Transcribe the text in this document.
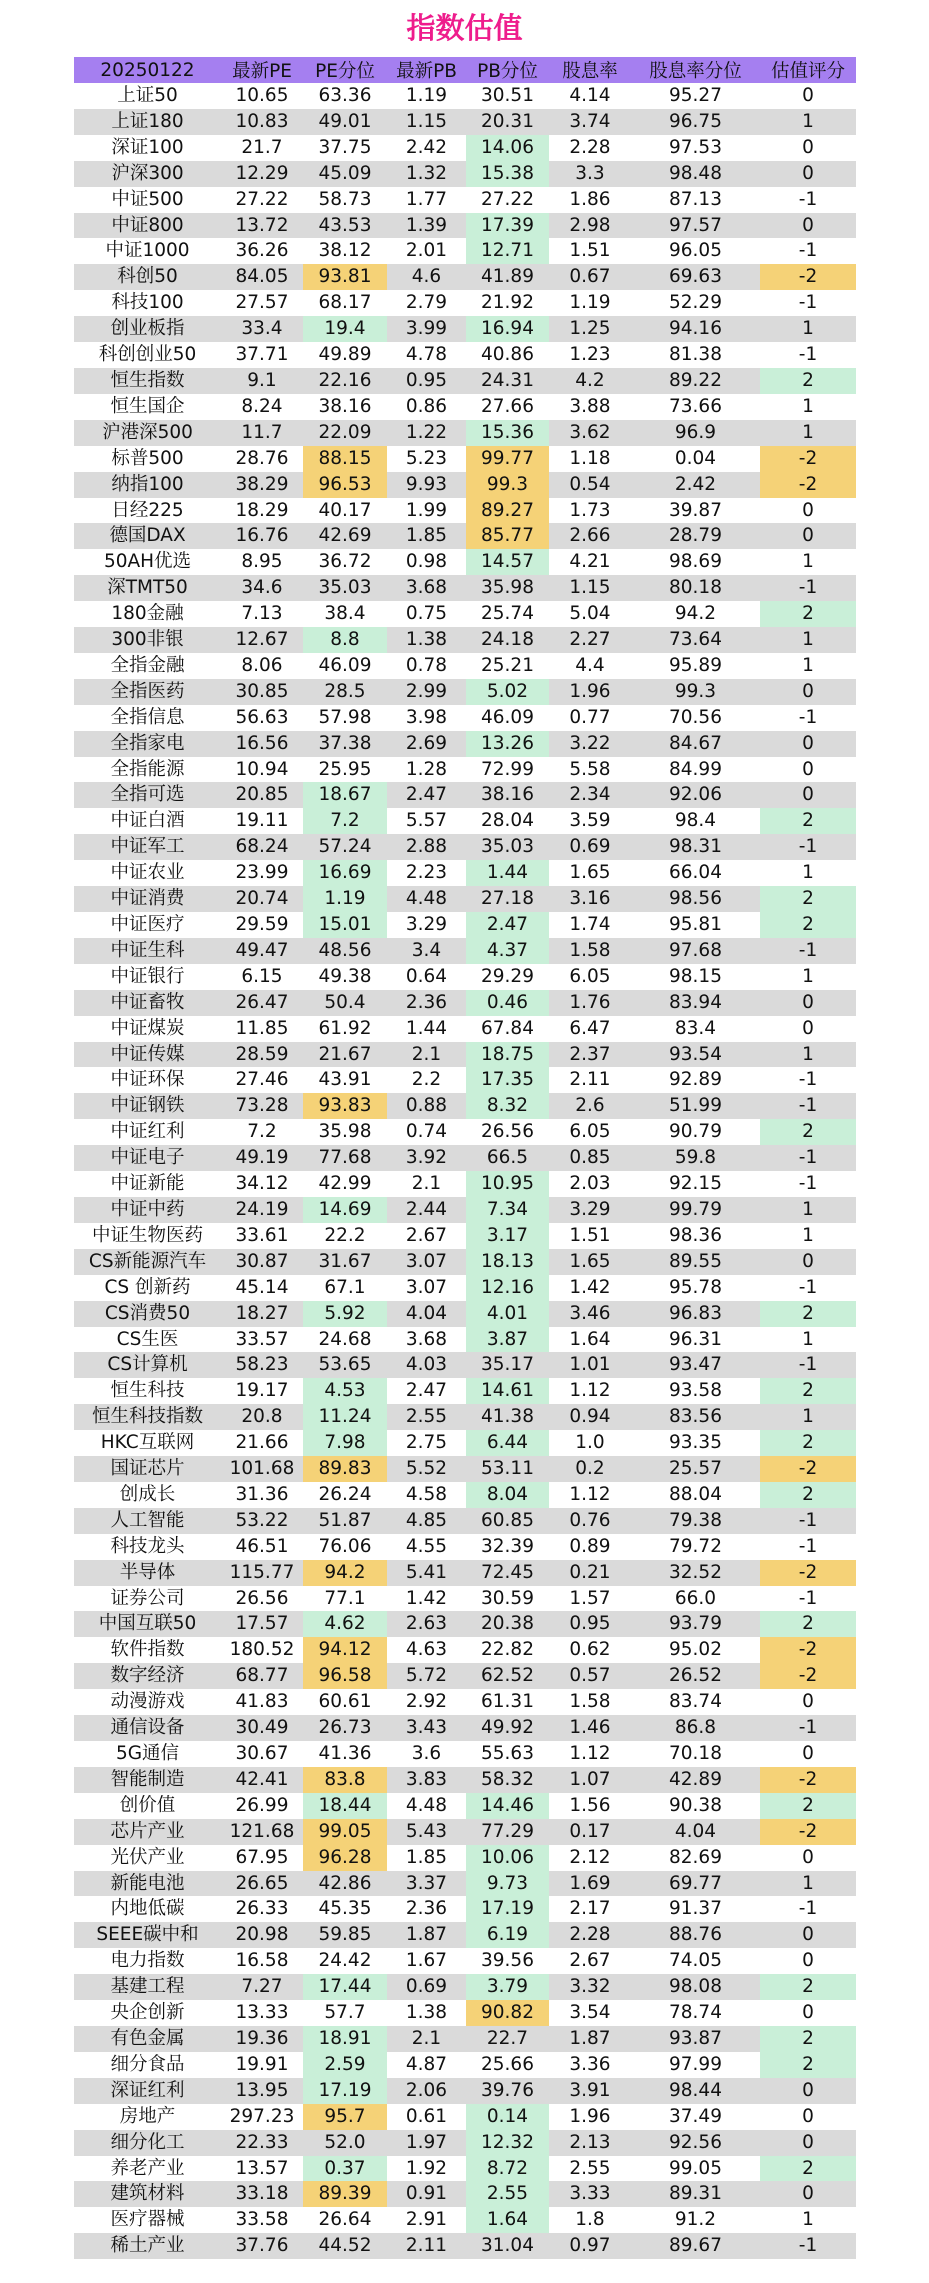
指数估值
20250122	最新PE	PE分位	最新PB	PB分位	股息率	股息率分位	估值评分
上证50	10.65	63.36	1.19	30.51	4.14	95.27	0
上证180	10.83	49.01	1.15	20.31	3.74	96.75	1
深证100	21.7	37.75	2.42	14.06	2.28	97.53	0
沪深300	12.29	45.09	1.32	15.38	3.3	98.48	0
中证500	27.22	58.73	1.77	27.22	1.86	87.13	-1
中证800	13.72	43.53	1.39	17.39	2.98	97.57	0
中证1000	36.26	38.12	2.01	12.71	1.51	96.05	-1
科创50	84.05	93.81	4.6	41.89	0.67	69.63	-2
科技100	27.57	68.17	2.79	21.92	1.19	52.29	-1
创业板指	33.4	19.4	3.99	16.94	1.25	94.16	1
科创创业50	37.71	49.89	4.78	40.86	1.23	81.38	-1
恒生指数	9.1	22.16	0.95	24.31	4.2	89.22	2
恒生国企	8.24	38.16	0.86	27.66	3.88	73.66	1
沪港深500	11.7	22.09	1.22	15.36	3.62	96.9	1
标普500	28.76	88.15	5.23	99.77	1.18	0.04	-2
纳指100	38.29	96.53	9.93	99.3	0.54	2.42	-2
日经225	18.29	40.17	1.99	89.27	1.73	39.87	0
德国DAX	16.76	42.69	1.85	85.77	2.66	28.79	0
50AH优选	8.95	36.72	0.98	14.57	4.21	98.69	1
深TMT50	34.6	35.03	3.68	35.98	1.15	80.18	-1
180金融	7.13	38.4	0.75	25.74	5.04	94.2	2
300非银	12.67	8.8	1.38	24.18	2.27	73.64	1
全指金融	8.06	46.09	0.78	25.21	4.4	95.89	1
全指医药	30.85	28.5	2.99	5.02	1.96	99.3	0
全指信息	56.63	57.98	3.98	46.09	0.77	70.56	-1
全指家电	16.56	37.38	2.69	13.26	3.22	84.67	0
全指能源	10.94	25.95	1.28	72.99	5.58	84.99	0
全指可选	20.85	18.67	2.47	38.16	2.34	92.06	0
中证白酒	19.11	7.2	5.57	28.04	3.59	98.4	2
中证军工	68.24	57.24	2.88	35.03	0.69	98.31	-1
中证农业	23.99	16.69	2.23	1.44	1.65	66.04	1
中证消费	20.74	1.19	4.48	27.18	3.16	98.56	2
中证医疗	29.59	15.01	3.29	2.47	1.74	95.81	2
中证生科	49.47	48.56	3.4	4.37	1.58	97.68	-1
中证银行	6.15	49.38	0.64	29.29	6.05	98.15	1
中证畜牧	26.47	50.4	2.36	0.46	1.76	83.94	0
中证煤炭	11.85	61.92	1.44	67.84	6.47	83.4	0
中证传媒	28.59	21.67	2.1	18.75	2.37	93.54	1
中证环保	27.46	43.91	2.2	17.35	2.11	92.89	-1
中证钢铁	73.28	93.83	0.88	8.32	2.6	51.99	-1
中证红利	7.2	35.98	0.74	26.56	6.05	90.79	2
中证电子	49.19	77.68	3.92	66.5	0.85	59.8	-1
中证新能	34.12	42.99	2.1	10.95	2.03	92.15	-1
中证中药	24.19	14.69	2.44	7.34	3.29	99.79	1
中证生物医药	33.61	22.2	2.67	3.17	1.51	98.36	1
CS新能源汽车	30.87	31.67	3.07	18.13	1.65	89.55	0
CS 创新药	45.14	67.1	3.07	12.16	1.42	95.78	-1
CS消费50	18.27	5.92	4.04	4.01	3.46	96.83	2
CS生医	33.57	24.68	3.68	3.87	1.64	96.31	1
CS计算机	58.23	53.65	4.03	35.17	1.01	93.47	-1
恒生科技	19.17	4.53	2.47	14.61	1.12	93.58	2
恒生科技指数	20.8	11.24	2.55	41.38	0.94	83.56	1
HKC互联网	21.66	7.98	2.75	6.44	1.0	93.35	2
国证芯片	101.68	89.83	5.52	53.11	0.2	25.57	-2
创成长	31.36	26.24	4.58	8.04	1.12	88.04	2
人工智能	53.22	51.87	4.85	60.85	0.76	79.38	-1
科技龙头	46.51	76.06	4.55	32.39	0.89	79.72	-1
半导体	115.77	94.2	5.41	72.45	0.21	32.52	-2
证券公司	26.56	77.1	1.42	30.59	1.57	66.0	-1
中国互联50	17.57	4.62	2.63	20.38	0.95	93.79	2
软件指数	180.52	94.12	4.63	22.82	0.62	95.02	-2
数字经济	68.77	96.58	5.72	62.52	0.57	26.52	-2
动漫游戏	41.83	60.61	2.92	61.31	1.58	83.74	0
通信设备	30.49	26.73	3.43	49.92	1.46	86.8	-1
5G通信	30.67	41.36	3.6	55.63	1.12	70.18	0
智能制造	42.41	83.8	3.83	58.32	1.07	42.89	-2
创价值	26.99	18.44	4.48	14.46	1.56	90.38	2
芯片产业	121.68	99.05	5.43	77.29	0.17	4.04	-2
光伏产业	67.95	96.28	1.85	10.06	2.12	82.69	0
新能电池	26.65	42.86	3.37	9.73	1.69	69.77	1
内地低碳	26.33	45.35	2.36	17.19	2.17	91.37	-1
SEEE碳中和	20.98	59.85	1.87	6.19	2.28	88.76	0
电力指数	16.58	24.42	1.67	39.56	2.67	74.05	0
基建工程	7.27	17.44	0.69	3.79	3.32	98.08	2
央企创新	13.33	57.7	1.38	90.82	3.54	78.74	0
有色金属	19.36	18.91	2.1	22.7	1.87	93.87	2
细分食品	19.91	2.59	4.87	25.66	3.36	97.99	2
深证红利	13.95	17.19	2.06	39.76	3.91	98.44	0
房地产	297.23	95.7	0.61	0.14	1.96	37.49	0
细分化工	22.33	52.0	1.97	12.32	2.13	92.56	0
养老产业	13.57	0.37	1.92	8.72	2.55	99.05	2
建筑材料	33.18	89.39	0.91	2.55	3.33	89.31	0
医疗器械	33.58	26.64	2.91	1.64	1.8	91.2	1
稀土产业	37.76	44.52	2.11	31.04	0.97	89.67	-1
